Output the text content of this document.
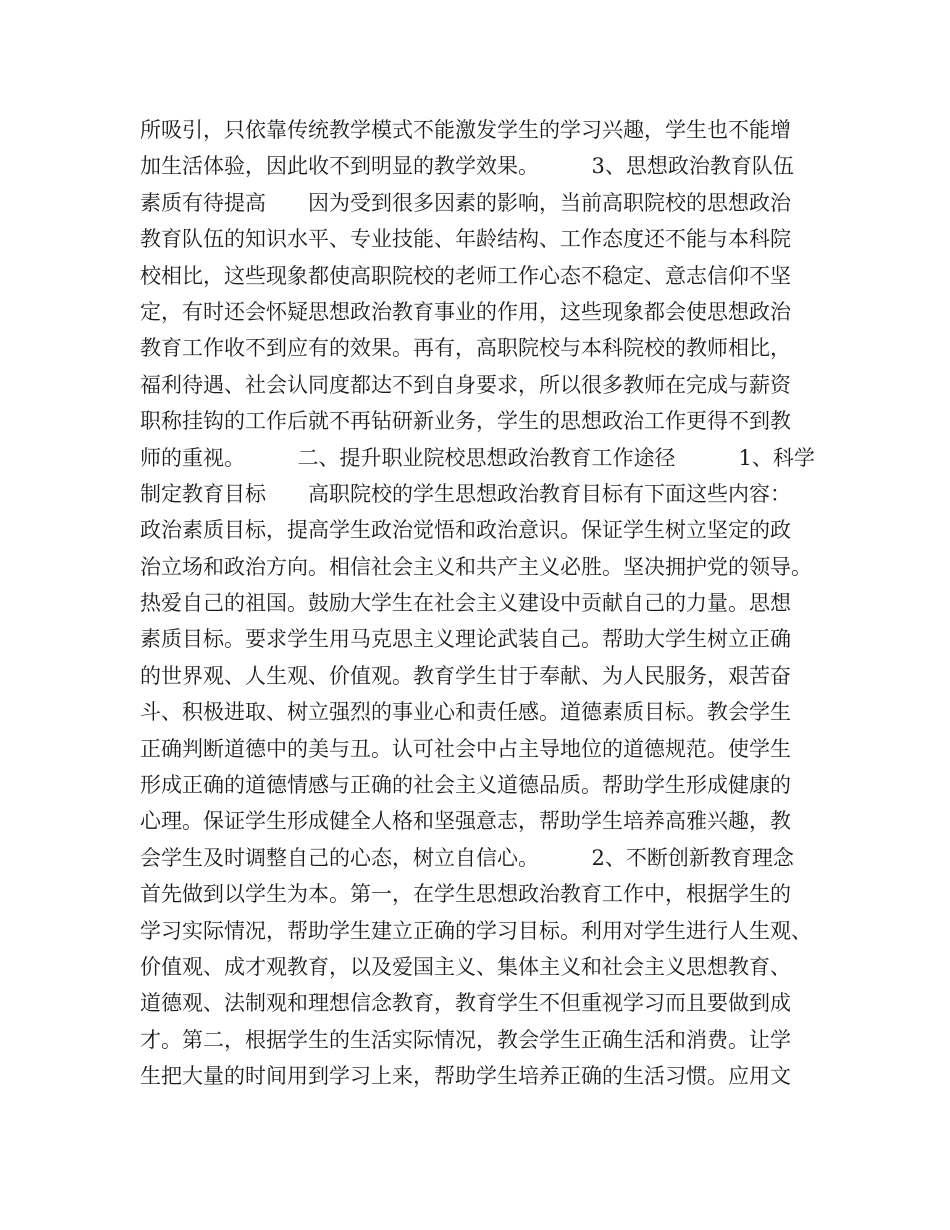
所吸引，只依靠传统教学模式不能激发学生的学习兴趣，学生也不能增
加生活体验，因此收不到明显的教学效果。　　　3、思想政治教育队伍
素质有待提高　　因为受到很多因素的影响，当前高职院校的思想政治
教育队伍的知识水平、专业技能、年龄结构、工作态度还不能与本科院
校相比，这些现象都使高职院校的老师工作心态不稳定、意志信仰不坚
定，有时还会怀疑思想政治教育事业的作用，这些现象都会使思想政治
教育工作收不到应有的效果。再有，高职院校与本科院校的教师相比，
福利待遇、社会认同度都达不到自身要求，所以很多教师在完成与薪资
职称挂钩的工作后就不再钻研新业务，学生的思想政治工作更得不到教
师的重视。　　　二、提升职业院校思想政治教育工作途径　　　1、科学
制定教育目标　　高职院校的学生思想政治教育目标有下面这些内容：
政治素质目标，提高学生政治觉悟和政治意识。保证学生树立坚定的政
治立场和政治方向。相信社会主义和共产主义必胜。坚决拥护党的领导。
热爱自己的祖国。鼓励大学生在社会主义建设中贡献自己的力量。思想
素质目标。要求学生用马克思主义理论武装自己。帮助大学生树立正确
的世界观、人生观、价值观。教育学生甘于奉献、为人民服务，艰苦奋
斗、积极进取、树立强烈的事业心和责任感。道德素质目标。教会学生
正确判断道德中的美与丑。认可社会中占主导地位的道德规范。使学生
形成正确的道德情感与正确的社会主义道德品质。帮助学生形成健康的
心理。保证学生形成健全人格和坚强意志，帮助学生培养高雅兴趣，教
会学生及时调整自己的心态，树立自信心。　　　2、不断创新教育理念
首先做到以学生为本。第一，在学生思想政治教育工作中，根据学生的
学习实际情况，帮助学生建立正确的学习目标。利用对学生进行人生观、
价值观、成才观教育，以及爱国主义、集体主义和社会主义思想教育、
道德观、法制观和理想信念教育，教育学生不但重视学习而且要做到成
才。第二，根据学生的生活实际情况，教会学生正确生活和消费。让学
生把大量的时间用到学习上来，帮助学生培养正确的生活习惯。应用文
